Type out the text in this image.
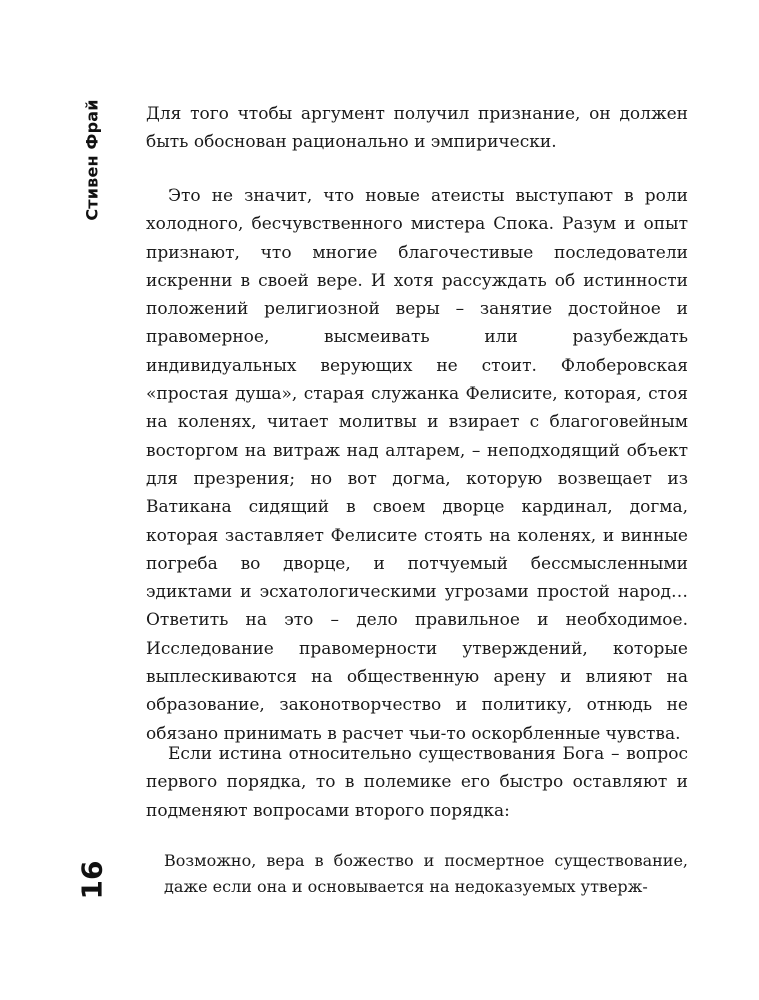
Стивен Фрай
16

Для того чтобы аргумент получил признание, он должен быть обоснован рационально и эмпирически.

Это не значит, что новые атеисты выступают в роли холодного, бесчувственного мистера Спока. Разум и опыт признают, что многие благочестивые последователи искренни в своей вере. И хотя рассуждать об истинности положений религиозной веры – занятие достойное и правомерное, высмеивать или разубеждать индивидуальных верующих не стоит. Флоберовская «простая душа», старая служанка Фелисите, которая, стоя на коленях, читает молитвы и взирает с благоговейным восторгом на витраж над алтарем, – неподходящий объект для презрения; но вот догма, которую возвещает из Ватикана сидящий в своем дворце кардинал, догма, которая заставляет Фелисите стоять на коленях, и винные погреба во дворце, и потчуемый бессмысленными эдиктами и эсхатологическими угрозами простой народ… Ответить на это – дело правильное и необходимое. Исследование правомерности утверждений, которые выплескиваются на общественную арену и влияют на образование, законотворчество и политику, отнюдь не обязано принимать в расчет чьи-то оскорбленные чувства.

Если истина относительно существования Бога – вопрос первого порядка, то в полемике его быстро оставляют и подменяют вопросами второго порядка:

Возможно, вера в божество и посмертное существование, даже если она и основывается на недоказуемых утверж-
